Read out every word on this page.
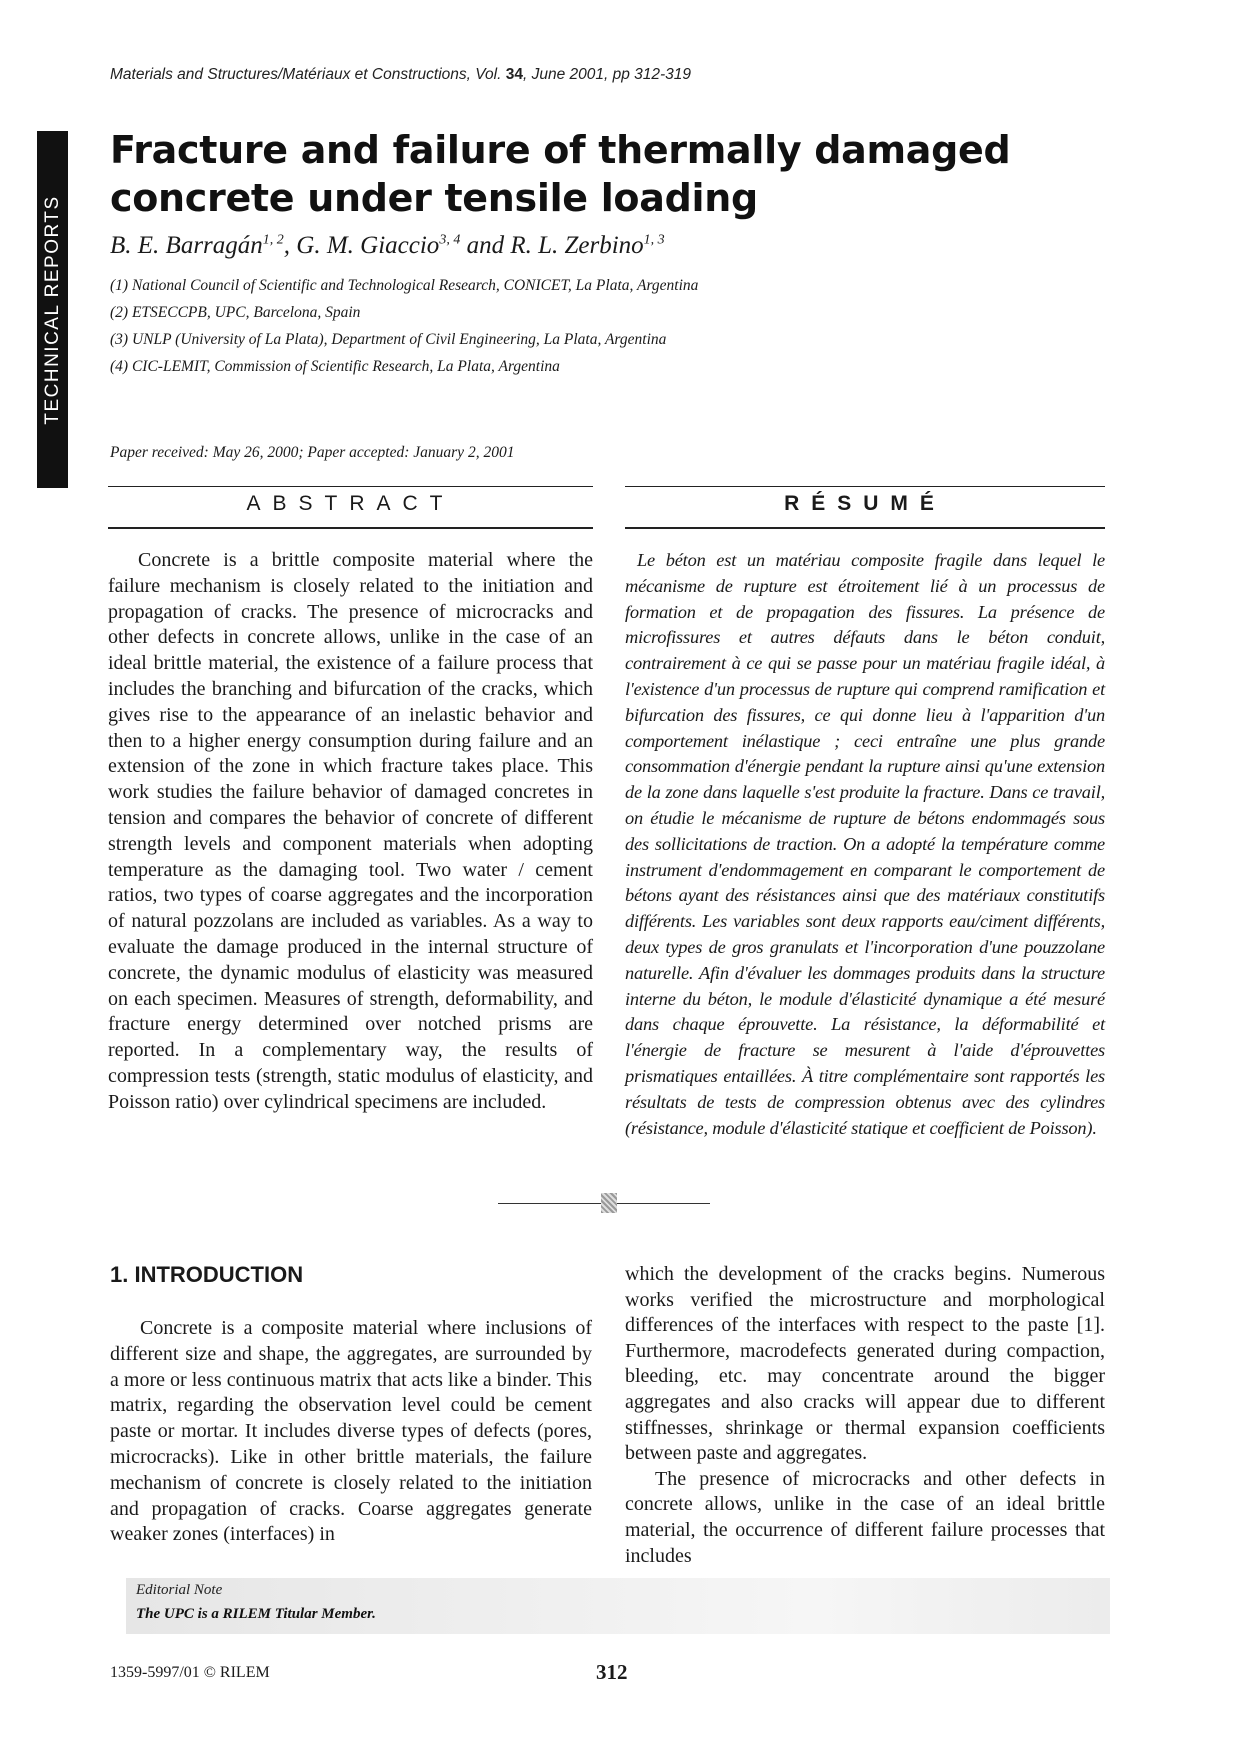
Materials and Structures/Matériaux et Constructions, Vol. 34, June 2001, pp 312-319
TECHNICAL REPORTS
Fracture and failure of thermally damaged concrete under tensile loading
B. E. Barragán$^{1, 2}$, G. M. Giaccio$^{3, 4}$ and R. L. Zerbino$^{1, 3}$
(1) National Council of Scientific and Technological Research, CONICET, La Plata, Argentina
(2) ETSECCPB, UPC, Barcelona, Spain
(3) UNLP (University of La Plata), Department of Civil Engineering, La Plata, Argentina
(4) CIC-LEMIT, Commission of Scientific Research, La Plata, Argentina
Paper received: May 26, 2000; Paper accepted: January 2, 2001
ABSTRACT	RÉSUMÉ
Concrete is a brittle composite material where the failure mechanism is closely related to the initiation and propagation of cracks. The presence of microcracks and other defects in concrete allows, unlike in the case of an ideal brittle material, the existence of a failure process that includes the branching and bifurcation of the cracks, which gives rise to the appearance of an inelastic behavior and then to a higher energy consumption during failure and an extension of the zone in which fracture takes place. This work studies the failure behavior of damaged concretes in tension and compares the behavior of concrete of different strength levels and component materials when adopting temperature as the damaging tool. Two water / cement ratios, two types of coarse aggregates and the incorporation of natural pozzolans are included as variables. As a way to evaluate the damage produced in the internal structure of concrete, the dynamic modulus of elasticity was measured on each specimen. Measures of strength, deformability, and fracture energy determined over notched prisms are reported. In a complementary way, the results of compression tests (strength, static modulus of elasticity, and Poisson ratio) over cylindrical specimens are included.
Le béton est un matériau composite fragile dans lequel le mécanisme de rupture est étroitement lié à un processus de formation et de propagation des fissures. La présence de microfissures et autres défauts dans le béton conduit, contrairement à ce qui se passe pour un matériau fragile idéal, à l'existence d'un processus de rupture qui comprend ramification et bifurcation des fissures, ce qui donne lieu à l'apparition d'un comportement inélastique ; ceci entraîne une plus grande consommation d'énergie pendant la rupture ainsi qu'une extension de la zone dans laquelle s'est produite la fracture. Dans ce travail, on étudie le mécanisme de rupture de bétons endommagés sous des sollicitations de traction. On a adopté la température comme instrument d'endommagement en comparant le comportement de bétons ayant des résistances ainsi que des matériaux constitutifs différents. Les variables sont deux rapports eau/ciment différents, deux types de gros granulats et l'incorporation d'une pouzzolane naturelle. Afin d'évaluer les dommages produits dans la structure interne du béton, le module d'élasticité dynamique a été mesuré dans chaque éprouvette. La résistance, la déformabilité et l'énergie de fracture se mesurent à l'aide d'éprouvettes prismatiques entaillées. À titre complémentaire sont rapportés les résultats de tests de compression obtenus avec des cylindres (résistance, module d'élasticité statique et coefficient de Poisson).
1. INTRODUCTION

Concrete is a composite material where inclusions of different size and shape, the aggregates, are surrounded by a more or less continuous matrix that acts like a binder. This matrix, regarding the observation level could be cement paste or mortar. It includes diverse types of defects (pores, microcracks). Like in other brittle materials, the failure mechanism of concrete is closely related to the initiation and propagation of cracks. Coarse aggregates generate weaker zones (interfaces) in

which the development of the cracks begins. Numerous works verified the microstructure and morphological differences of the interfaces with respect to the paste [1]. Furthermore, macrodefects generated during compaction, bleeding, etc. may concentrate around the bigger aggregates and also cracks will appear due to different stiffnesses, shrinkage or thermal expansion coefficients between paste and aggregates.

The presence of microcracks and other defects in concrete allows, unlike in the case of an ideal brittle material, the occurrence of different failure processes that includes

Editorial Note
The UPC is a RILEM Titular Member.
1359-5997/01 © RILEM	312
